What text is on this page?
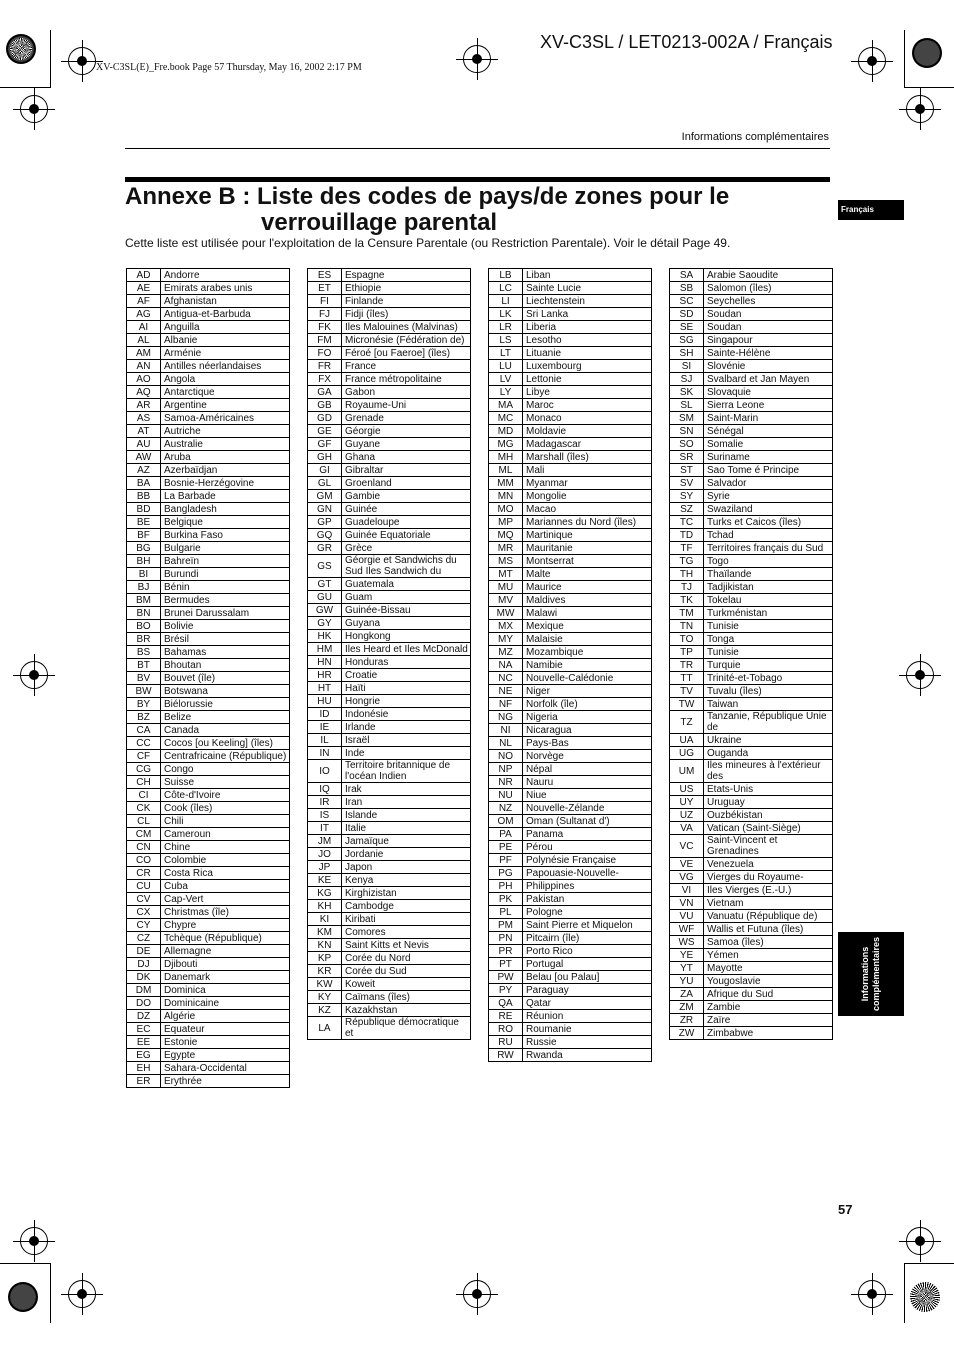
XV-C3SL / LET0213-002A / Français
XV-C3SL(E)_Fre.book Page 57 Thursday, May 16, 2002 2:17 PM
Informations complémentaires
Annexe B : Liste des codes de pays/de zones pour le
verrouillage parental
Cette liste est utilisée pour l'exploitation de la Censure Parentale (ou Restriction Parentale). Voir le détail Page 49.
Français
Informations
complémentaires
57
AD	Andorre
AE	Emirats arabes unis
AF	Afghanistan
AG	Antigua-et-Barbuda
AI	Anguilla
AL	Albanie
AM	Arménie
AN	Antilles néerlandaises
AO	Angola
AQ	Antarctique
AR	Argentine
AS	Samoa-Américaines
AT	Autriche
AU	Australie
AW	Aruba
AZ	Azerbaïdjan
BA	Bosnie-Herzégovine
BB	La Barbade
BD	Bangladesh
BE	Belgique
BF	Burkina Faso
BG	Bulgarie
BH	Bahreïn
BI	Burundi
BJ	Bénin
BM	Bermudes
BN	Brunei Darussalam
BO	Bolivie
BR	Brésil
BS	Bahamas
BT	Bhoutan
BV	Bouvet (île)
BW	Botswana
BY	Biélorussie
BZ	Belize
CA	Canada
CC	Cocos [ou Keeling] (îles)
CF	Centrafricaine (République)
CG	Congo
CH	Suisse
CI	Côte-d'Ivoire
CK	Cook (îles)
CL	Chili
CM	Cameroun
CN	Chine
CO	Colombie
CR	Costa Rica
CU	Cuba
CV	Cap-Vert
CX	Christmas (île)
CY	Chypre
CZ	Tchèque (République)
DE	Allemagne
DJ	Djibouti
DK	Danemark
DM	Dominica
DO	Dominicaine
DZ	Algérie
EC	Equateur
EE	Estonie
EG	Egypte
EH	Sahara-Occidental
ER	Erythrée
ES	Espagne
ET	Ethiopie
FI	Finlande
FJ	Fidji (îles)
FK	Iles Malouines (Malvinas)
FM	Micronésie (Fédération de)
FO	Féroé [ou Faeroe] (îles)
FR	France
FX	France métropolitaine
GA	Gabon
GB	Royaume-Uni
GD	Grenade
GE	Géorgie
GF	Guyane
GH	Ghana
GI	Gibraltar
GL	Groenland
GM	Gambie
GN	Guinée
GP	Guadeloupe
GQ	Guinée Equatoriale
GR	Grèce
GS	Géorgie et Sandwichs du Sud Iles Sandwich du
GT	Guatemala
GU	Guam
GW	Guinée-Bissau
GY	Guyana
HK	Hongkong
HM	Iles Heard et Iles McDonald
HN	Honduras
HR	Croatie
HT	Haïti
HU	Hongrie
ID	Indonésie
IE	Irlande
IL	Israël
IN	Inde
IO	Territoire britannique de l'océan Indien
IQ	Irak
IR	Iran
IS	Islande
IT	Italie
JM	Jamaïque
JO	Jordanie
JP	Japon
KE	Kenya
KG	Kirghizistan
KH	Cambodge
KI	Kiribati
KM	Comores
KN	Saint Kitts et Nevis
KP	Corée du Nord
KR	Corée du Sud
KW	Koweit
KY	Caïmans (îles)
KZ	Kazakhstan
LA	République démocratique et
LB	Liban
LC	Sainte Lucie
LI	Liechtenstein
LK	Sri Lanka
LR	Liberia
LS	Lesotho
LT	Lituanie
LU	Luxembourg
LV	Lettonie
LY	Libye
MA	Maroc
MC	Monaco
MD	Moldavie
MG	Madagascar
MH	Marshall (îles)
ML	Mali
MM	Myanmar
MN	Mongolie
MO	Macao
MP	Mariannes du Nord (îles)
MQ	Martinique
MR	Mauritanie
MS	Montserrat
MT	Malte
MU	Maurice
MV	Maldives
MW	Malawi
MX	Mexique
MY	Malaisie
MZ	Mozambique
NA	Namibie
NC	Nouvelle-Calédonie
NE	Niger
NF	Norfolk (île)
NG	Nigeria
NI	Nicaragua
NL	Pays-Bas
NO	Norvège
NP	Népal
NR	Nauru
NU	Niue
NZ	Nouvelle-Zélande
OM	Oman (Sultanat d')
PA	Panama
PE	Pérou
PF	Polynésie Française
PG	Papouasie-Nouvelle-
PH	Philippines
PK	Pakistan
PL	Pologne
PM	Saint Pierre et Miquelon
PN	Pitcairn (île)
PR	Porto Rico
PT	Portugal
PW	Belau [ou Palau]
PY	Paraguay
QA	Qatar
RE	Réunion
RO	Roumanie
RU	Russie
RW	Rwanda
SA	Arabie Saoudite
SB	Salomon (îles)
SC	Seychelles
SD	Soudan
SE	Soudan
SG	Singapour
SH	Sainte-Hélène
SI	Slovénie
SJ	Svalbard et Jan Mayen
SK	Slovaquie
SL	Sierra Leone
SM	Saint-Marin
SN	Sénégal
SO	Somalie
SR	Suriname
ST	Sao Tome é Principe
SV	Salvador
SY	Syrie
SZ	Swaziland
TC	Turks et Caicos (îles)
TD	Tchad
TF	Territoires français du Sud
TG	Togo
TH	Thaïlande
TJ	Tadjikistan
TK	Tokelau
TM	Turkménistan
TN	Tunisie
TO	Tonga
TP	Tunisie
TR	Turquie
TT	Trinité-et-Tobago
TV	Tuvalu (îles)
TW	Taiwan
TZ	Tanzanie, République Unie de
UA	Ukraine
UG	Ouganda
UM	Iles mineures à l'extérieur des
US	Etats-Unis
UY	Uruguay
UZ	Ouzbékistan
VA	Vatican (Saint-Siège)
VC	Saint-Vincent et Grenadines
VE	Venezuela
VG	Vierges du Royaume-
VI	Iles Vierges (E.-U.)
VN	Vietnam
VU	Vanuatu (République de)
WF	Wallis et Futuna (îles)
WS	Samoa (îles)
YE	Yémen
YT	Mayotte
YU	Yougoslavie
ZA	Afrique du Sud
ZM	Zambie
ZR	Zaïre
ZW	Zimbabwe
